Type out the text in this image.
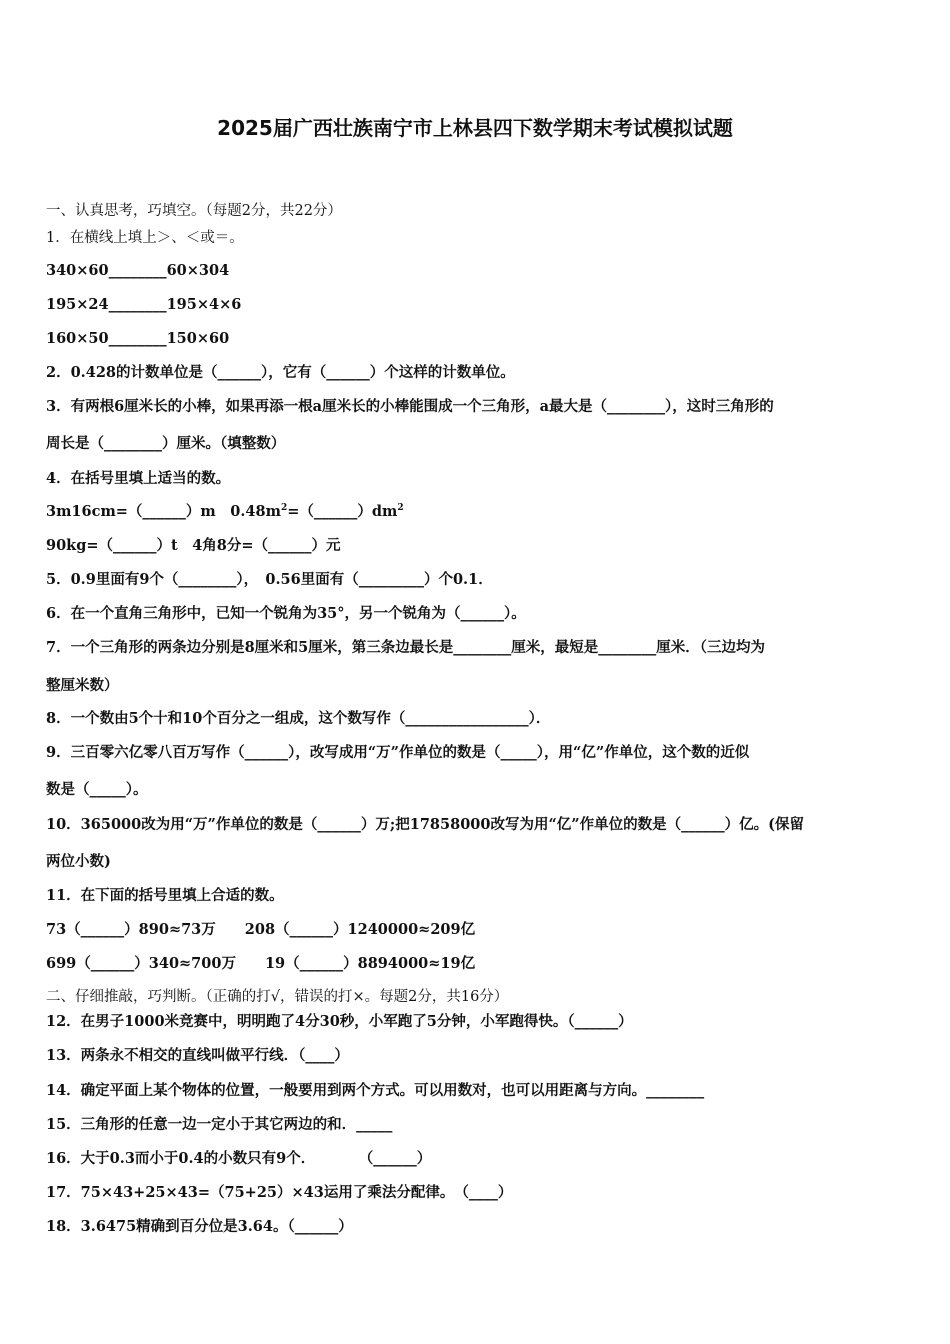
2025届广西壮族南宁市上林县四下数学期末考试模拟试题
一、认真思考，巧填空。（每题2分，共22分）
1．在横线上填上＞、＜或＝。
340×60________60×304
195×24________195×4×6
160×50________150×60
2．0.428的计数单位是（______），它有（______）个这样的计数单位。
3．有两根6厘米长的小棒，如果再添一根a厘米长的小棒能围成一个三角形，a最大是（________），这时三角形的
周长是（________）厘米。（填整数）
4．在括号里填上适当的数。
3m16cm=（______）m　$0.48m^2=(\_\_\_\_\_\_)dm^2$
90kg=（______）t　4角8分=（______）元
5．0.9里面有9个（________），　0.56里面有（_________）个0.1．
6．在一个直角三角形中，已知一个锐角为35°，另一个锐角为（______）。
7．一个三角形的两条边分别是8厘米和5厘米，第三条边最长是________厘米，最短是________厘米．（三边均为
整厘米数）
8．一个数由5个十和10个百分之一组成，这个数写作（_________________）．
9．三百零六亿零八百万写作（______），改写成用“万”作单位的数是（_____），用“亿”作单位，这个数的近似
数是（_____）。
10．365000改为用“万”作单位的数是（______）万;把17858000改写为用“亿”作单位的数是（______）亿。(保留
两位小数)
11．在下面的括号里填上合适的数。
73（______）890≈73万　　208（______）1240000≈209亿
699（______）340≈700万　　19（______）8894000≈19亿
二、仔细推敲，巧判断。（正确的打√，错误的打×。每题2分，共16分）
12．在男子1000米竞赛中，明明跑了4分30秒，小军跑了5分钟，小军跑得快。（______）
13．两条永不相交的直线叫做平行线．（____）
14．确定平面上某个物体的位置，一般要用到两个方式。可以用数对，也可以用距离与方向。________
15．三角形的任意一边一定小于其它两边的和．_____
16．大于0.3而小于0.4的小数只有9个．　　　　（______）
17．75×43+25×43=（75+25）×43运用了乘法分配律。　（____）
18．3.6475精确到百分位是3.64。（______）
